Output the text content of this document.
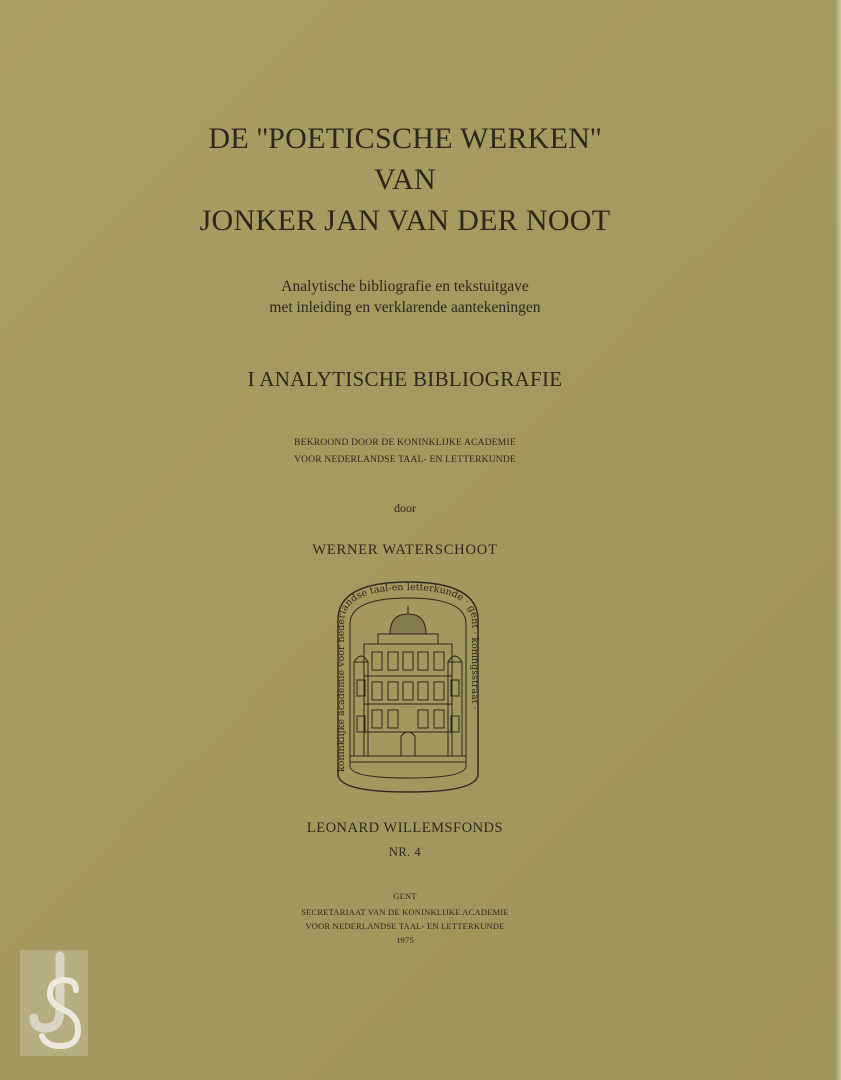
DE ''POETICSCHE WERKEN''
VAN
JONKER JAN VAN DER NOOT
Analytische bibliografie en tekstuitgave
met inleiding en verklarende aantekeningen
I ANALYTISCHE BIBLIOGRAFIE
BEKROOND DOOR DE KONINKLIJKE ACADEMIE
VOOR NEDERLANDSE TAAL- EN LETTERKUNDE
door
WERNER WATERSCHOOT
koninklijke academie voor nederlandse taal-en letterkunde · gent · koningsstraat ·
LEONARD WILLEMSFONDS
NR. 4
GENT
SECRETARIAAT VAN DE KONINKLIJKE ACADEMIE
VOOR NEDERLANDSE TAAL- EN LETTERKUNDE
1975
